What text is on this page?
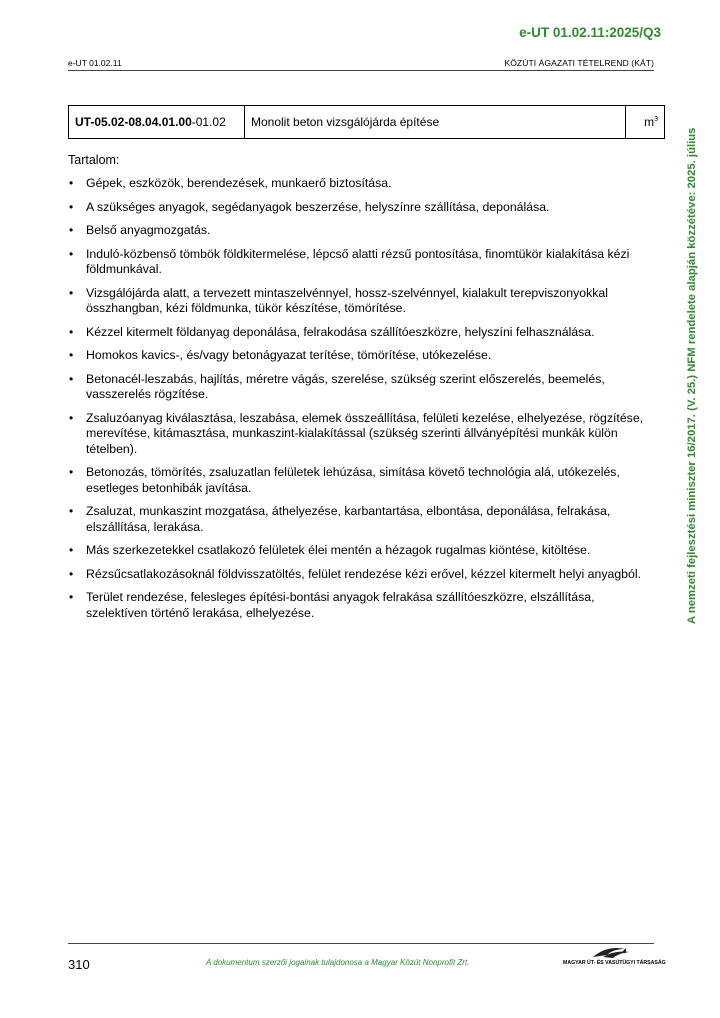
e-UT 01.02.11:2025/Q3
e-UT 01.02.11	KÖZÚTI ÁGAZATI TÉTELREND (KÁT)
UT-05.02-08.04.01.00-01.02	Monolit beton vizsgálójárda építése	$m^3$
Tartalom:
• Gépek, eszközök, berendezések, munkaerő biztosítása.
• A szükséges anyagok, segédanyagok beszerzése, helyszínre szállítása, deponálása.
• Belső anyagmozgatás.
• Induló-közbenső tömbök földkitermelése, lépcső alatti rézsű pontosítása, finomtükör kialakítása kézi földmunkával.
• Vizsgálójárda alatt, a tervezett mintaszelvénnyel, hossz-szelvénnyel, kialakult terepviszonyokkal összhangban, kézi földmunka, tükör készítése, tömörítése.
• Kézzel kitermelt földanyag deponálása, felrakodása szállítóeszközre, helyszíni felhasználása.
• Homokos kavics-, és/vagy betonágyazat terítése, tömörítése, utókezelése.
• Betonacél-leszabás, hajlítás, méretre vágás, szerelése, szükség szerint előszerelés, beemelés, vasszerelés rögzítése.
• Zsaluzóanyag kiválasztása, leszabása, elemek összeállítása, felületi kezelése, elhelyezése, rögzítése, merevítése, kitámasztása, munkaszint-kialakítással (szükség szerinti állványépítési munkák külön tételben).
• Betonozás, tömörítés, zsaluzatlan felületek lehúzása, simítása követő technológia alá, utókezelés, esetleges betonhibák javítása.
• Zsaluzat, munkaszint mozgatása, áthelyezése, karbantartása, elbontása, deponálása, felrakása, elszállítása, lerakása.
• Más szerkezetekkel csatlakozó felületek élei mentén a hézagok rugalmas kiöntése, kitöltése.
• Rézsűcsatlakozásoknál földvisszatöltés, felület rendezése kézi erővel, kézzel kitermelt helyi anyagból.
• Terület rendezése, felesleges építési-bontási anyagok felrakása szállítóeszközre, elszállítása, szelektíven történő lerakása, elhelyezése.	A nemzeti fejlesztési miniszter 16/2017. (V. 25.) NFM rendelete alapján közzétéve: 2025. július
310	A dokumentum szerzői jogainak tulajdonosa a Magyar Közút Nonprofit Zrt.	MAGYAR ÚT- ÉS VASÚTÜGYI TÁRSASÁG
